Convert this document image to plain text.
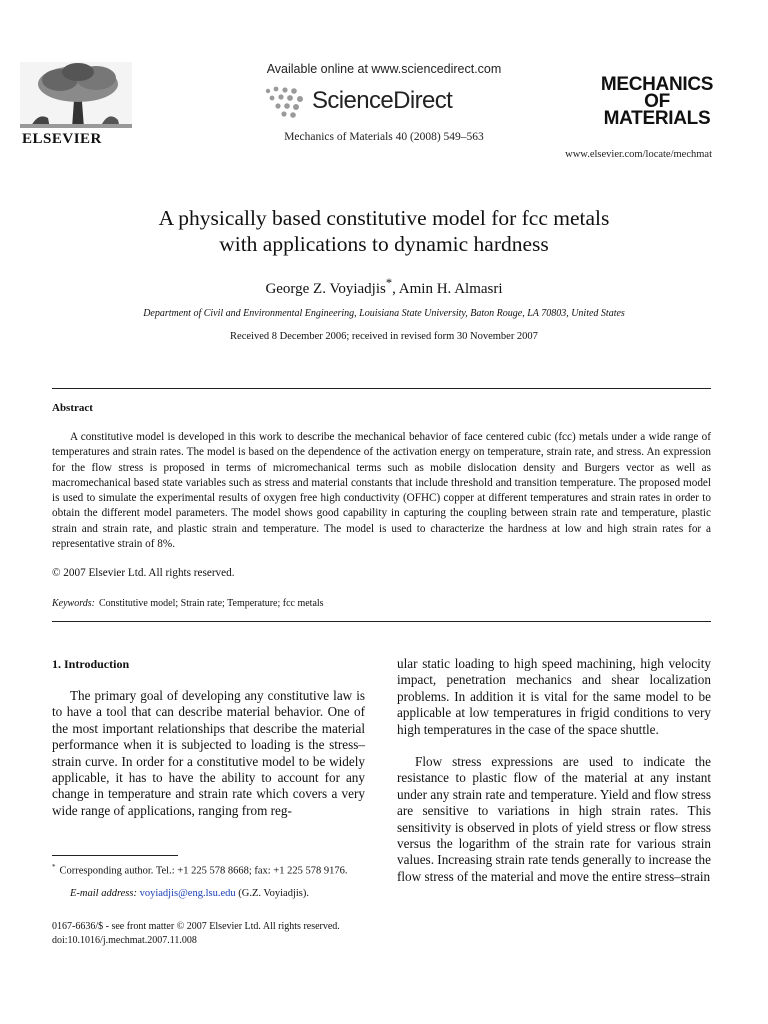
ELSEVIER
Available online at www.sciencedirect.com
ScienceDirect
Mechanics of Materials 40 (2008) 549–563
MECHANICS
OF
MATERIALS
www.elsevier.com/locate/mechmat
A physically based constitutive model for fcc metals
with applications to dynamic hardness
George Z. Voyiadjis*, Amin H. Almasri
Department of Civil and Environmental Engineering, Louisiana State University, Baton Rouge, LA 70803, United States
Received 8 December 2006; received in revised form 30 November 2007
Abstract
A constitutive model is developed in this work to describe the mechanical behavior of face centered cubic (fcc) metals under a wide range of temperatures and strain rates. The model is based on the dependence of the activation energy on temperature, strain rate, and stress. An expression for the flow stress is proposed in terms of micromechanical terms such as mobile dislocation density and Burgers vector as well as macromechanical based state variables such as stress and material constants that include threshold and transition temperature. The proposed model is used to simulate the experimental results of oxygen free high conductivity (OFHC) copper at different temperatures and strain rates in order to obtain the different model parameters. The model shows good capability in capturing the coupling between strain rate and temperature, plastic strain and strain rate, and plastic strain and temperature. The model is used to characterize the hardness at low and high strain rates for a representative strain of 8%.
© 2007 Elsevier Ltd. All rights reserved.
Keywords: Constitutive model; Strain rate; Temperature; fcc metals
1. Introduction
The primary goal of developing any constitutive law is to have a tool that can describe material behavior. One of the most important relationships that describe the material performance when it is subjected to loading is the stress–strain curve. In order for a constitutive model to be widely applicable, it has to have the ability to account for any change in temperature and strain rate which covers a very wide range of applications, ranging from reg-
ular static loading to high speed machining, high velocity impact, penetration mechanics and shear localization problems. In addition it is vital for the same model to be applicable at low temperatures in frigid conditions to very high temperatures in the case of the space shuttle.
Flow stress expressions are used to indicate the resistance to plastic flow of the material at any instant under any strain rate and temperature. Yield and flow stress are sensitive to variations in high strain rates. This sensitivity is observed in plots of yield stress or flow stress versus the logarithm of the strain rate for various strain values. Increasing strain rate tends generally to increase the flow stress of the material and move the entire stress–strain
* Corresponding author. Tel.: +1 225 578 8668; fax: +1 225 578 9176.
E-mail address: voyiadjis@eng.lsu.edu (G.Z. Voyiadjis).
0167-6636/$ - see front matter © 2007 Elsevier Ltd. All rights reserved.
doi:10.1016/j.mechmat.2007.11.008
